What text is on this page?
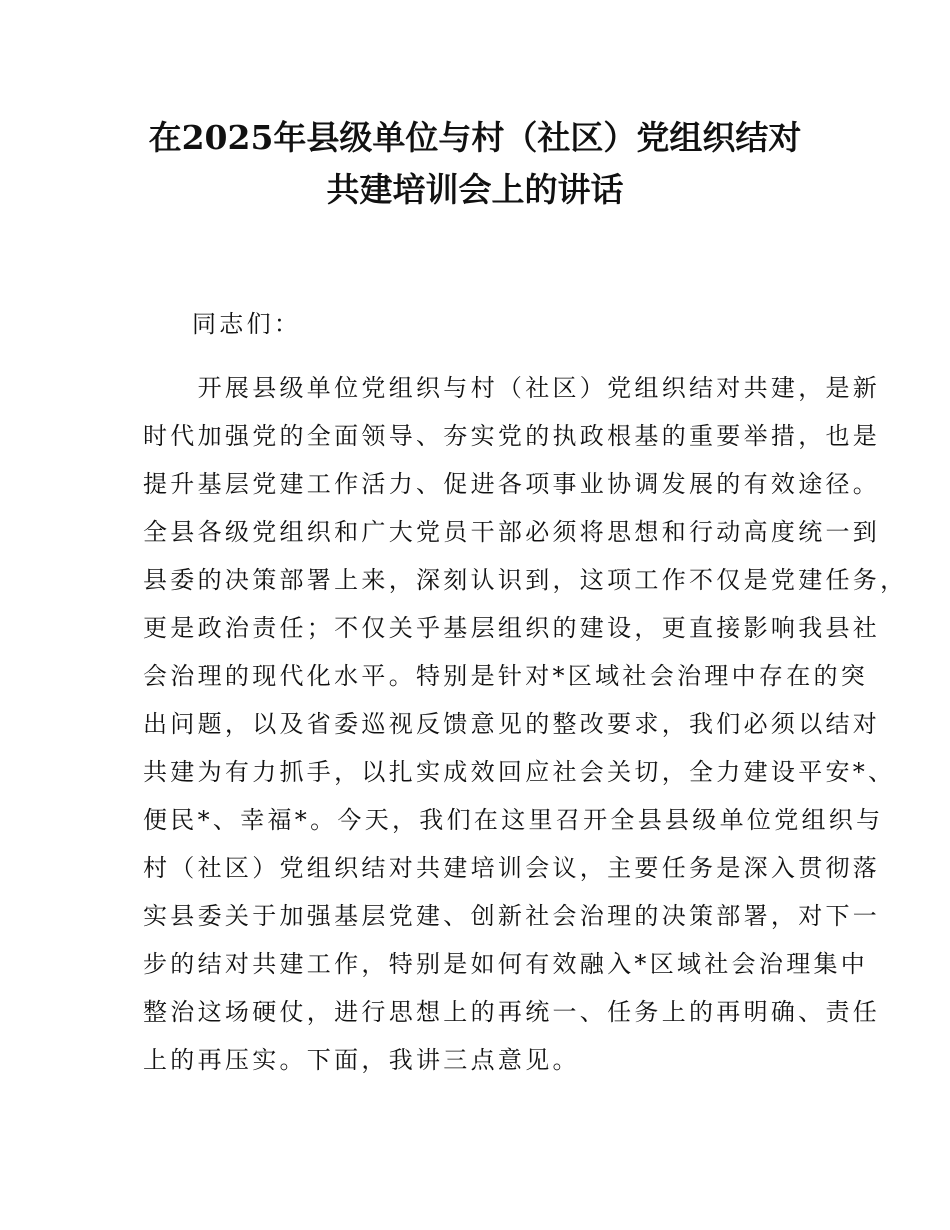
在2025年县级单位与村（社区）党组织结对
共建培训会上的讲话
同志们：
　　开展县级单位党组织与村（社区）党组织结对共建，是新
时代加强党的全面领导、夯实党的执政根基的重要举措，也是
提升基层党建工作活力、促进各项事业协调发展的有效途径。
全县各级党组织和广大党员干部必须将思想和行动高度统一到
县委的决策部署上来，深刻认识到，这项工作不仅是党建任务，
更是政治责任；不仅关乎基层组织的建设，更直接影响我县社
会治理的现代化水平。特别是针对*区域社会治理中存在的突
出问题，以及省委巡视反馈意见的整改要求，我们必须以结对
共建为有力抓手，以扎实成效回应社会关切，全力建设平安*、
便民*、幸福*。今天，我们在这里召开全县县级单位党组织与
村（社区）党组织结对共建培训会议，主要任务是深入贯彻落
实县委关于加强基层党建、创新社会治理的决策部署，对下一
步的结对共建工作，特别是如何有效融入*区域社会治理集中
整治这场硬仗，进行思想上的再统一、任务上的再明确、责任
上的再压实。下面，我讲三点意见。
